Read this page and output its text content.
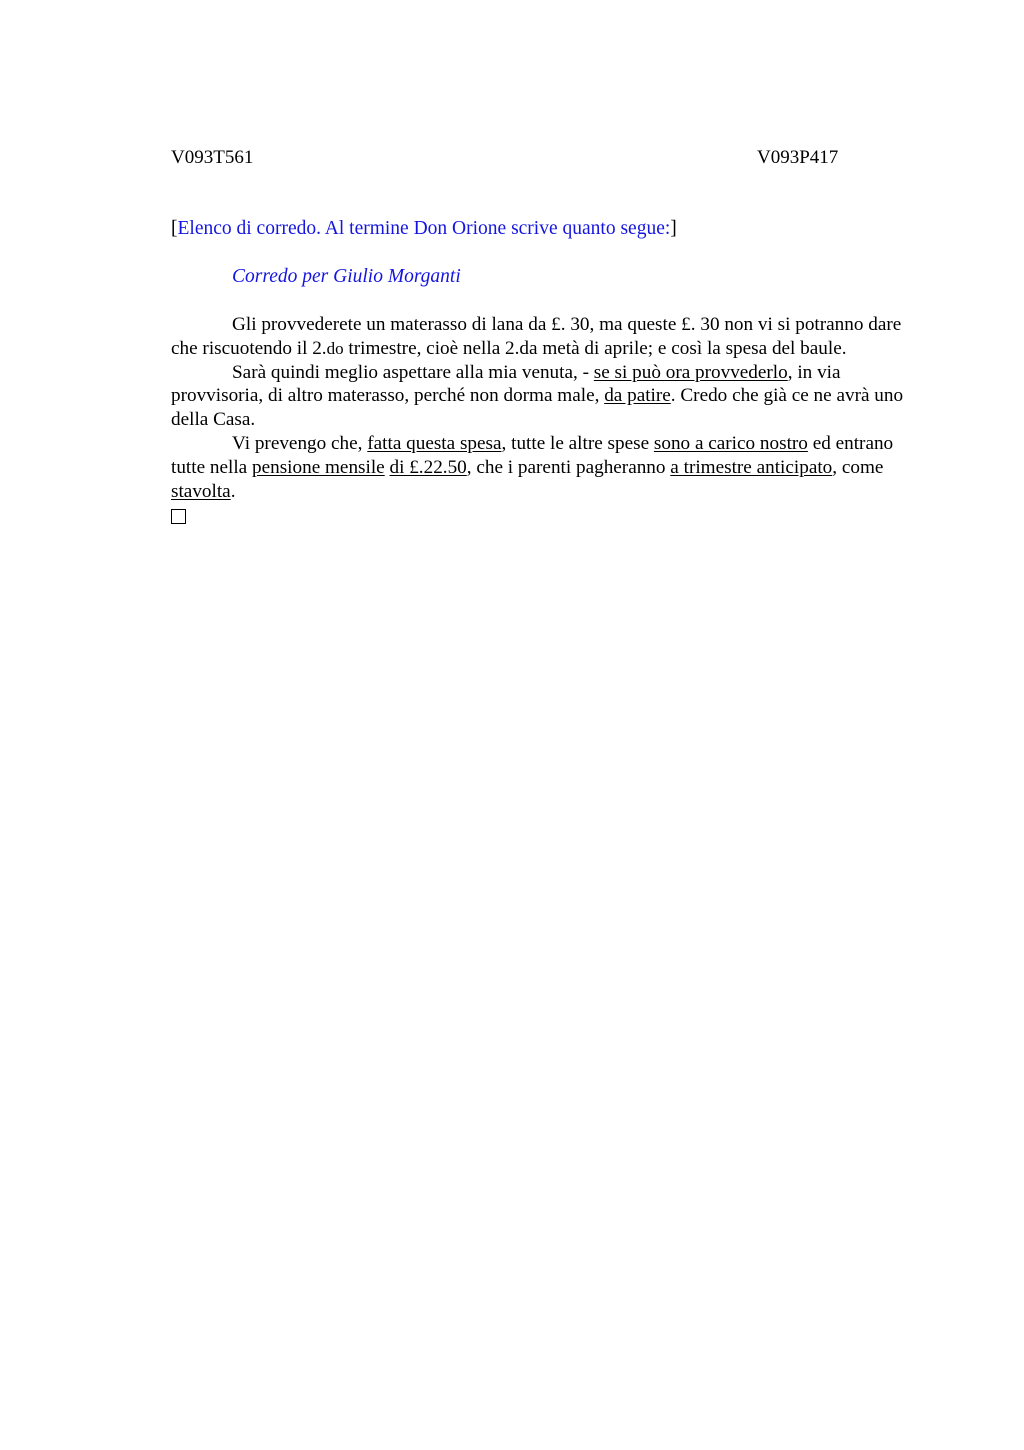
V093T561	V093P417
[Elenco di corredo. Al termine Don Orione scrive quanto segue:]
Corredo per Giulio Morganti

Gli provvederete un materasso di lana da £. 30, ma queste £. 30 non vi si potranno dare che riscuotendo il 2.do trimestre, cioè nella 2.da metà di aprile; e così la spesa del baule.

Sarà quindi meglio aspettare alla mia venuta, - se si può ora provvederlo, in via provvisoria, di altro materasso, perché non dorma male, da patire. Credo che già ce ne avrà uno della Casa.

Vi prevengo che, fatta questa spesa, tutte le altre spese sono a carico nostro ed entrano tutte nella pensione mensile di £.22.50, che i parenti pagheranno a trimestre anticipato, come stavolta.
